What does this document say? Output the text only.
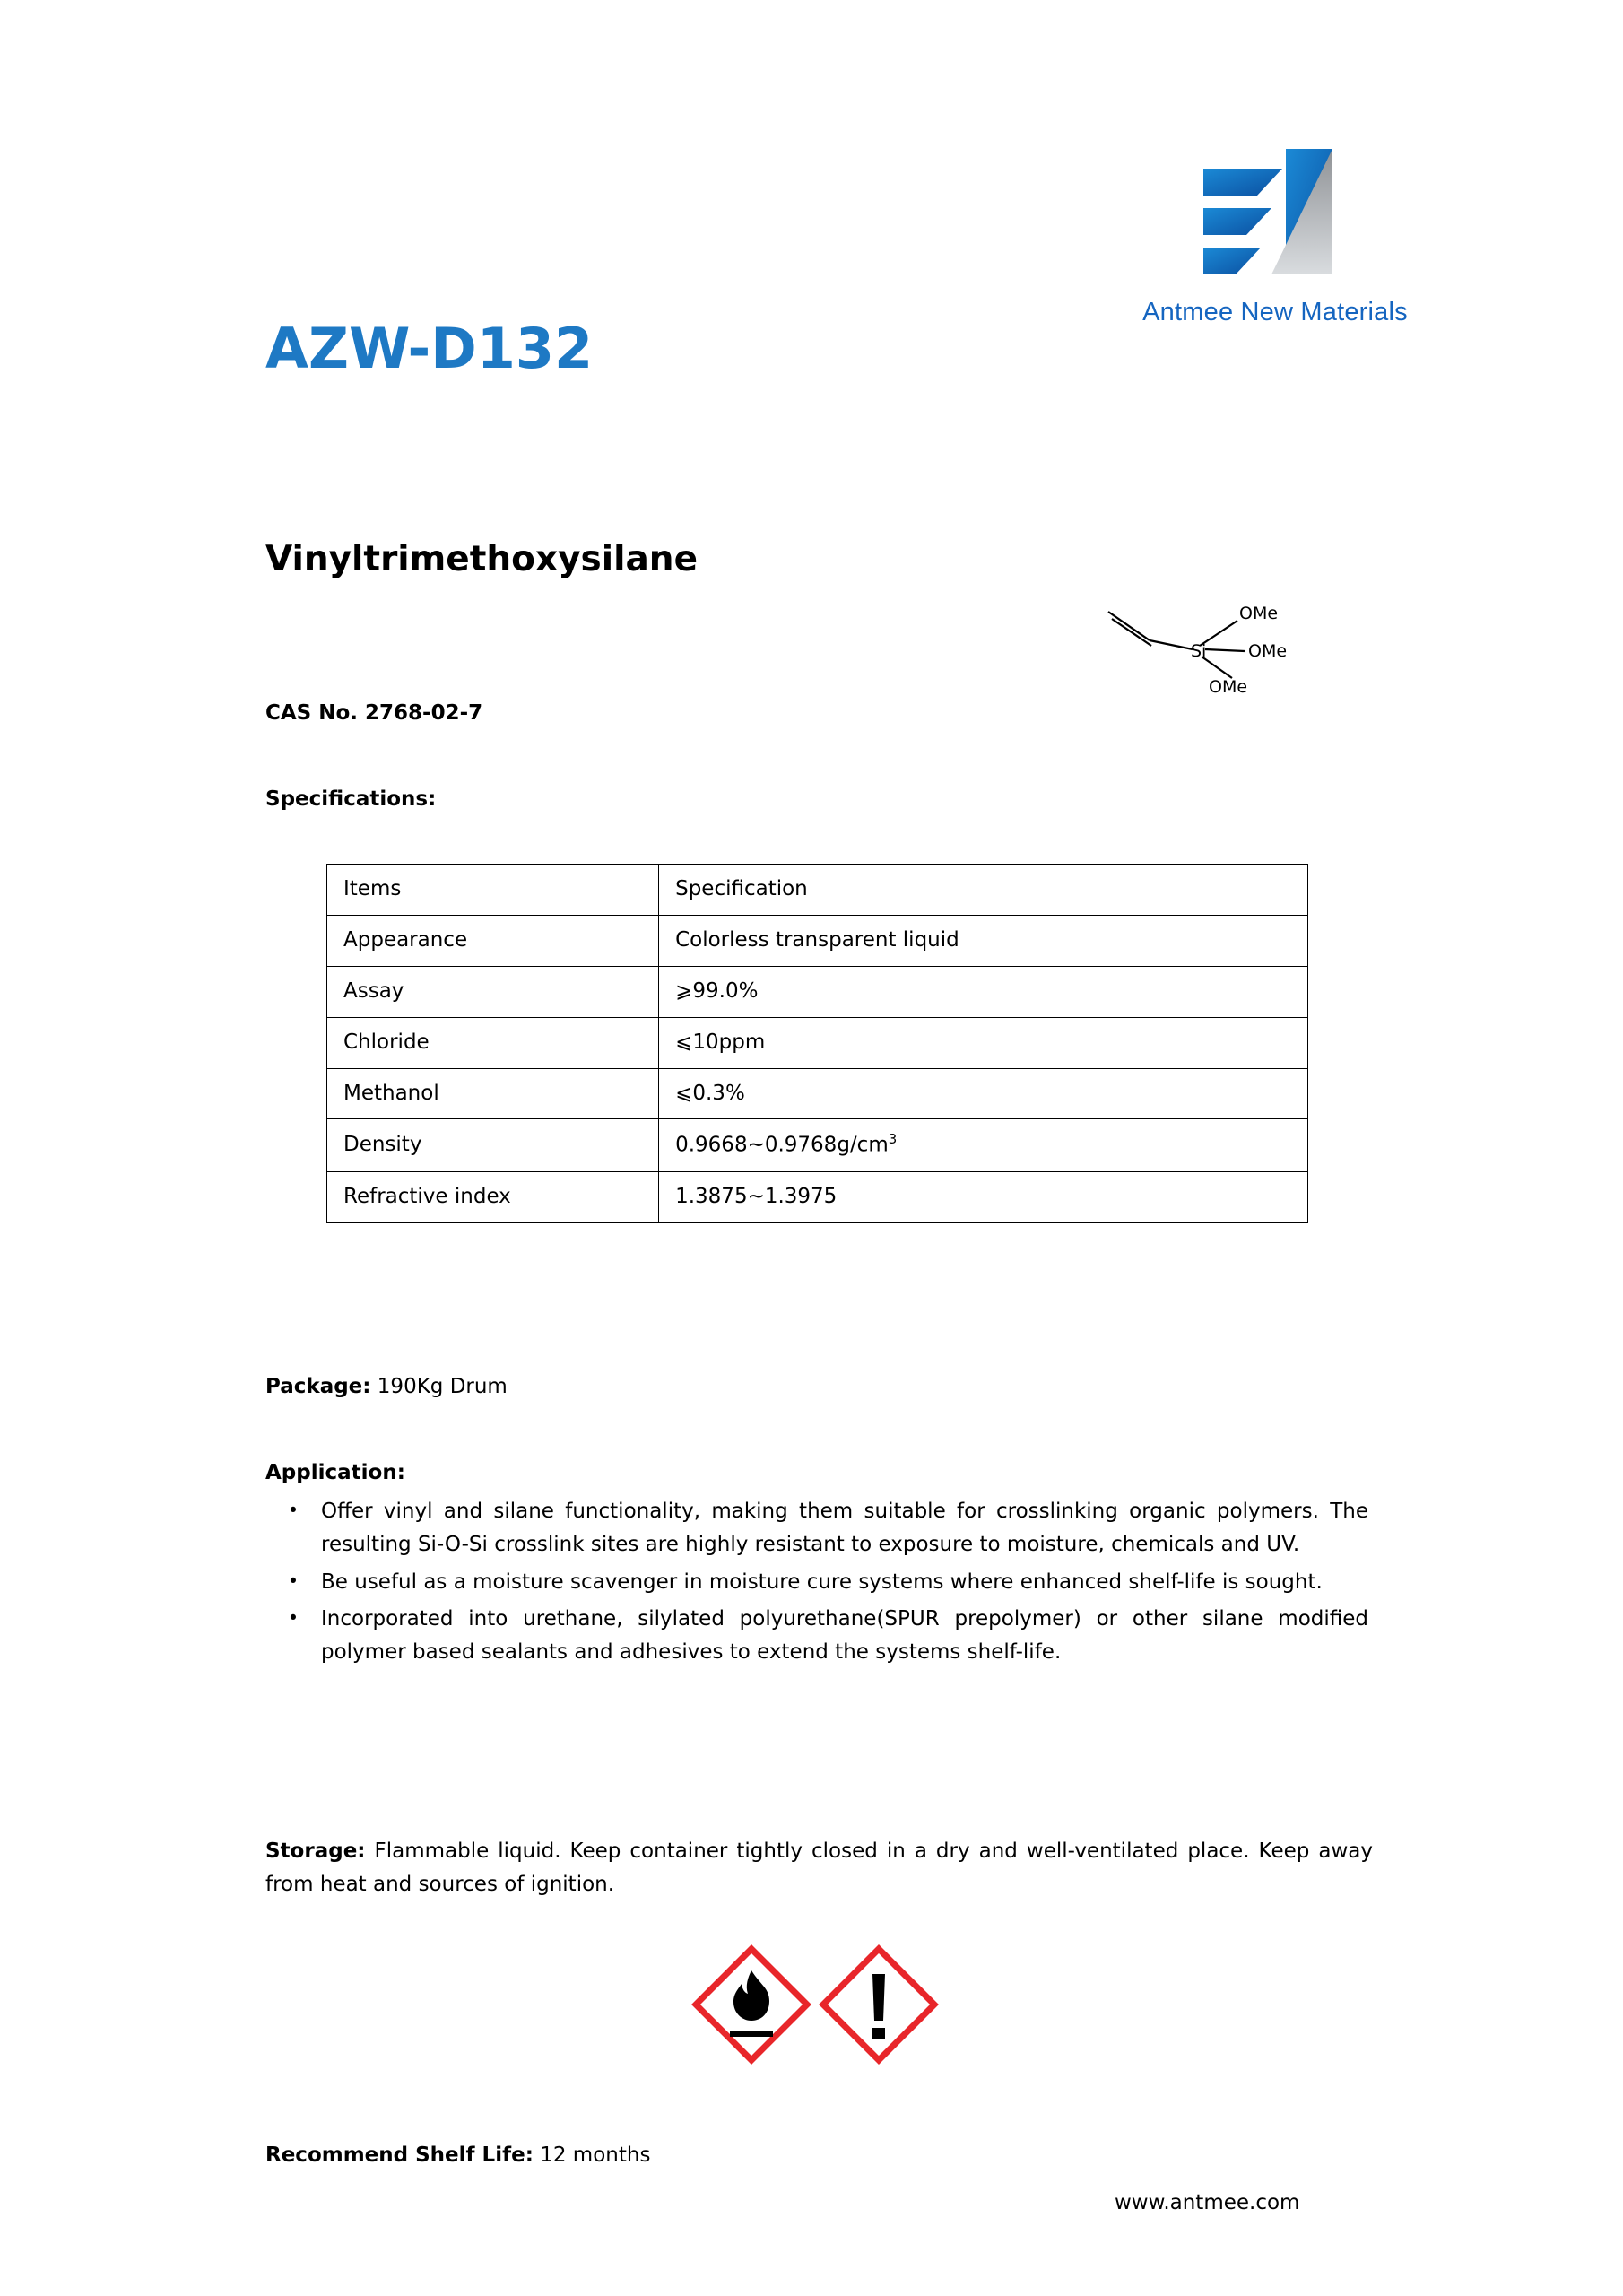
Antmee New Materials
AZW-D132
Vinyltrimethoxysilane
CAS No. 2768-02-7
Specifications:
Si
OMe
OMe
OMe
Items	Specification
Appearance	Colorless transparent liquid
Assay	⩾99.0%
Chloride	⩽10ppm
Methanol	⩽0.3%
Density	$0.9668\sim 0.9768g/cm^3$
Refractive index	1.3875~1.3975
Package: 190Kg Drum
Application:
•	Offer vinyl and silane functionality, making them suitable for crosslinking organic polymers. The resulting Si-O-Si crosslink sites are highly resistant to exposure to moisture, chemicals and UV.
•	Be useful as a moisture scavenger in moisture cure systems where enhanced shelf-life is sought.
•	Incorporated into urethane, silylated polyurethane(SPUR prepolymer) or other silane modified polymer based sealants and adhesives to extend the systems shelf-life.
Storage: Flammable liquid. Keep container tightly closed in a dry and well-ventilated place. Keep away from heat and sources of ignition.
Recommend Shelf Life: 12 months
www.antmee.com
